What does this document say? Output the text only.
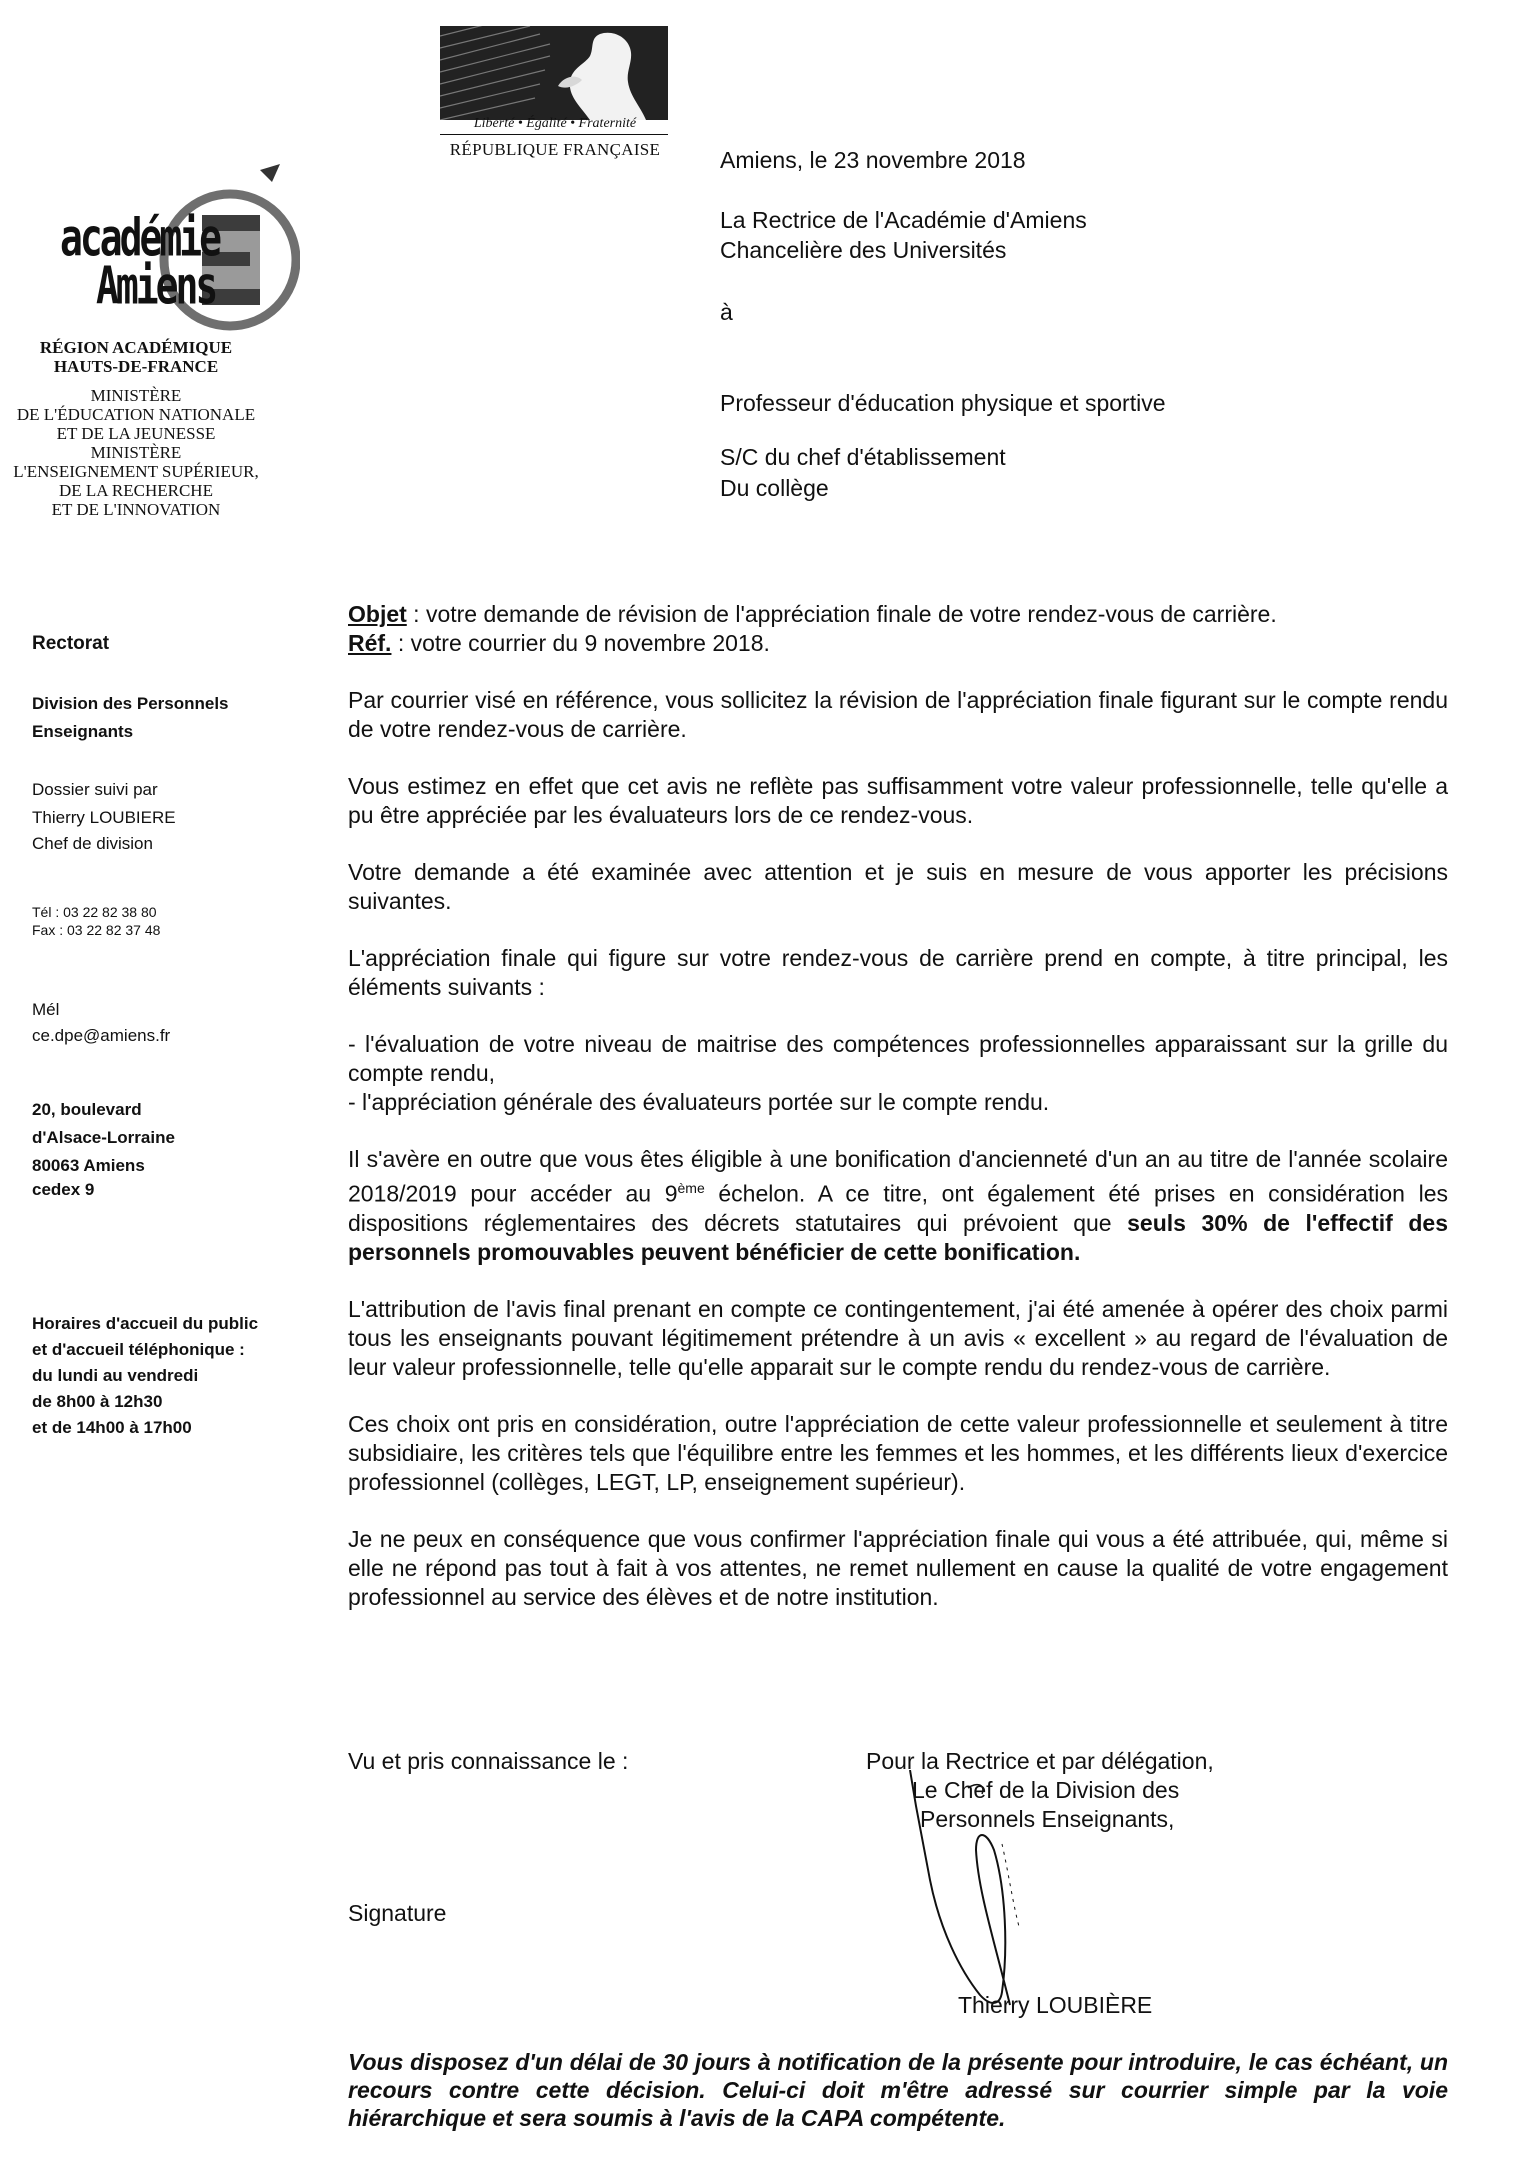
Liberté • Égalité • Fraternité
RÉPUBLIQUE FRANÇAISE
académie
Amiens
RÉGION ACADÉMIQUE
HAUTS-DE-FRANCE
MINISTÈRE
DE L'ÉDUCATION NATIONALE
ET DE LA JEUNESSE
MINISTÈRE
L'ENSEIGNEMENT SUPÉRIEUR,
DE LA RECHERCHE
ET DE L'INNOVATION
Amiens, le 23 novembre 2018
La Rectrice de l'Académie d'Amiens
Chancelière des Universités
à
Professeur d'éducation physique et sportive
S/C du chef d'établissement
Du collège
Rectorat
Division des Personnels
Enseignants
Dossier suivi par
Thierry LOUBIERE
Chef de division
Tél : 03 22 82 38 80
Fax : 03 22 82 37 48
Mél
ce.dpe@amiens.fr
20, boulevard
d'Alsace-Lorraine
80063 Amiens
cedex 9
Horaires d'accueil du public
et d'accueil téléphonique :
du lundi au vendredi
de 8h00 à 12h30
et de 14h00 à 17h00
Objet : votre demande de révision de l'appréciation finale de votre rendez-vous de carrière.
Réf. : votre courrier du 9 novembre 2018.

Par courrier visé en référence, vous sollicitez la révision de l'appréciation finale figurant sur le compte rendu de votre rendez-vous de carrière.

Vous estimez en effet que cet avis ne reflète pas suffisamment votre valeur professionnelle, telle qu'elle a pu être appréciée par les évaluateurs lors de ce rendez-vous.

Votre demande a été examinée avec attention et je suis en mesure de vous apporter les précisions suivantes.

L'appréciation finale qui figure sur votre rendez-vous de carrière prend en compte, à titre principal, les éléments suivants :

- l'évaluation de votre niveau de maitrise des compétences professionnelles apparaissant sur la grille du compte rendu,

- l'appréciation générale des évaluateurs portée sur le compte rendu.

Il s'avère en outre que vous êtes éligible à une bonification d'ancienneté d'un an au titre de l'année scolaire 2018/2019 pour accéder au 9ème échelon. A ce titre, ont également été prises en considération les dispositions réglementaires des décrets statutaires qui prévoient que seuls 30% de l'effectif des personnels promouvables peuvent bénéficier de cette bonification.

L'attribution de l'avis final prenant en compte ce contingentement, j'ai été amenée à opérer des choix parmi tous les enseignants pouvant légitimement prétendre à un avis « excellent » au regard de l'évaluation de leur valeur professionnelle, telle qu'elle apparait sur le compte rendu du rendez-vous de carrière.

Ces choix ont pris en considération, outre l'appréciation de cette valeur professionnelle et seulement à titre subsidiaire, les critères tels que l'équilibre entre les femmes et les hommes, et les différents lieux d'exercice professionnel (collèges, LEGT, LP, enseignement supérieur).

Je ne peux en conséquence que vous confirmer l'appréciation finale qui vous a été attribuée, qui, même si elle ne répond pas tout à fait à vos attentes, ne remet nullement en cause la qualité de votre engagement professionnel au service des élèves et de notre institution.

Vu et pris connaissance le :	Pour la Rectrice et par délégation,
Le Chef de la Division des
Personnels Enseignants,
Signature
Thierry LOUBIÈRE
Vous disposez d'un délai de 30 jours à notification de la présente pour introduire, le cas échéant, un recours contre cette décision. Celui-ci doit m'être adressé sur courrier simple par la voie hiérarchique et sera soumis à l'avis de la CAPA compétente.
